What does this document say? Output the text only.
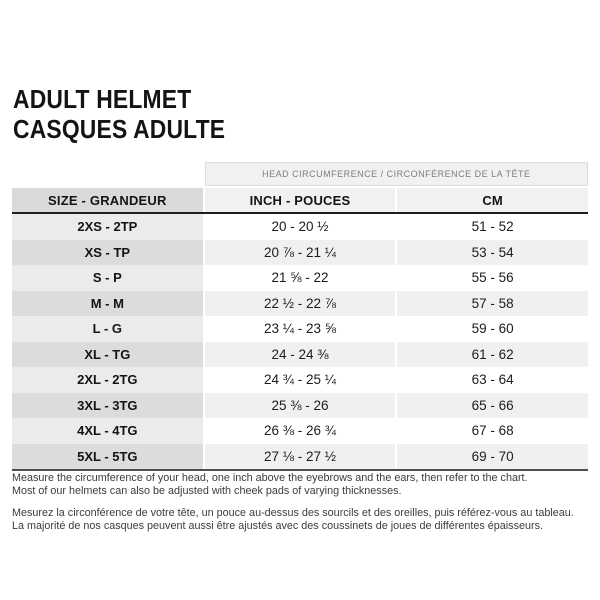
ADULT HELMET
CASQUES ADULTE
HEAD CIRCUMFERENCE / CIRCONFÉRENCE DE LA TÊTE
SIZE - GRANDEUR	INCH - POUCES	CM
2XS - 2TP	20 - 20 ½	51 - 52
XS - TP	20 ⅞ - 21 ¼	53 - 54
S - P	21 ⅝ - 22	55 - 56
M - M	22 ½ - 22 ⅞	57 - 58
L - G	23 ¼ - 23 ⅝	59 - 60
XL - TG	24 - 24 ⅜	61 - 62
2XL - 2TG	24 ¾ - 25 ¼	63 - 64
3XL - 3TG	25 ⅜ - 26	65 - 66
4XL - 4TG	26 ⅜ - 26 ¾	67 - 68
5XL - 5TG	27 ⅛ - 27 ½	69 - 70

Measure the circumference of your head, one inch above the eyebrows and the ears, then refer to the chart.
Most of our helmets can also be adjusted with cheek pads of varying thicknesses.

Mesurez la circonférence de votre tête, un pouce au-dessus des sourcils et des oreilles, puis référez-vous au tableau.
La majorité de nos casques peuvent aussi être ajustés avec des coussinets de joues de différentes épaisseurs.
